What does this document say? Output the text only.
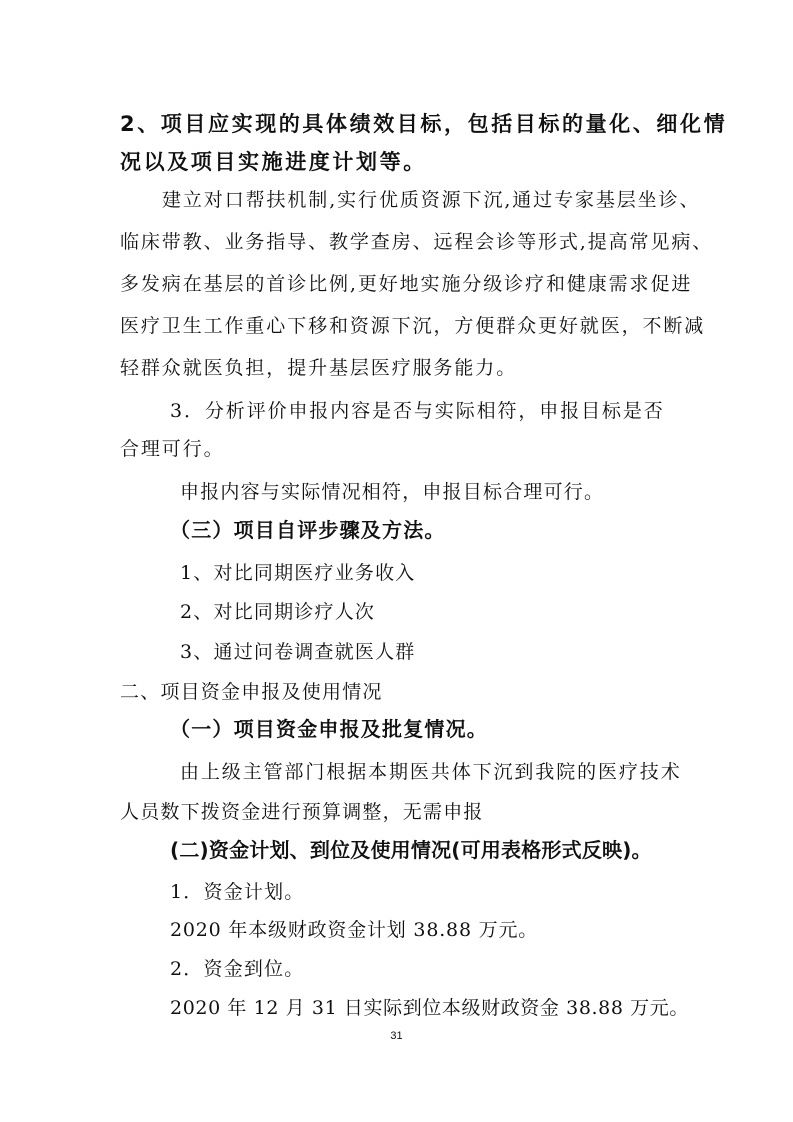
2、项目应实现的具体绩效目标，包括目标的量化、细化情
况以及项目实施进度计划等。
建立对口帮扶机制,实行优质资源下沉,通过专家基层坐诊、
临床带教、业务指导、教学查房、远程会诊等形式,提高常见病、
多发病在基层的首诊比例,更好地实施分级诊疗和健康需求促进
医疗卫生工作重心下移和资源下沉，方便群众更好就医，不断减
轻群众就医负担，提升基层医疗服务能力。
3．分析评价申报内容是否与实际相符，申报目标是否
合理可行。
申报内容与实际情况相符，申报目标合理可行。
（三）项目自评步骤及方法。
1、对比同期医疗业务收入
2、对比同期诊疗人次
3、通过问卷调查就医人群
二、项目资金申报及使用情况
（一）项目资金申报及批复情况。
由上级主管部门根据本期医共体下沉到我院的医疗技术
人员数下拨资金进行预算调整，无需申报
(二)资金计划、到位及使用情况(可用表格形式反映)。
1．资金计划。
2020 年本级财政资金计划 38.88 万元。
2．资金到位。
2020 年 12 月 31 日实际到位本级财政资金 38.88 万元。
31
